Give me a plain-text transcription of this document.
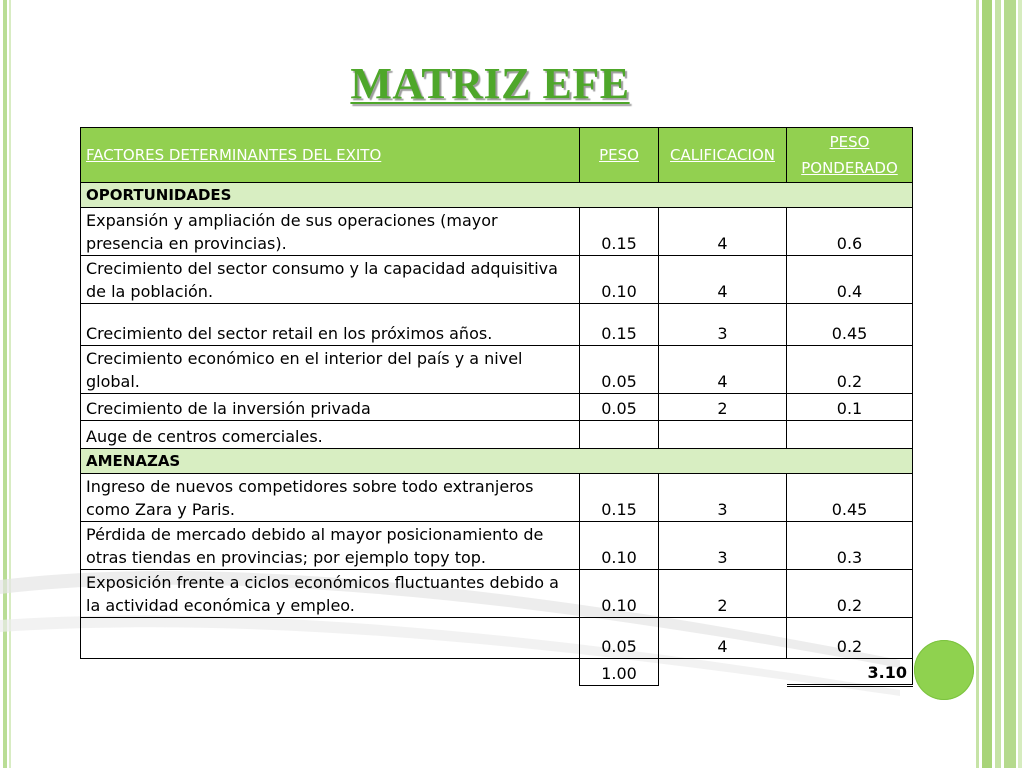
MATRIZ EFE
FACTORES DETERMINANTES DEL EXITO	PESO	CALIFICACION	PESO
PONDERADO
OPORTUNIDADES			
Expansión y ampliación de sus operaciones (mayor
presencia en provincias).	0.15	4	0.6
Crecimiento del sector consumo y la capacidad adquisitiva
de la población.	0.10	4	0.4
Crecimiento del sector retail en los próximos años.	0.15	3	0.45
Crecimiento económico en el interior del país y a nivel
global.	0.05	4	0.2
Crecimiento de la inversión privada	0.05	2	0.1
Auge de centros comerciales.			
AMENAZAS			
Ingreso de nuevos competidores sobre todo extranjeros
como Zara y Paris.	0.15	3	0.45
Pérdida de mercado debido al mayor posicionamiento de
otras tiendas en provincias; por ejemplo topy top.	0.10	3	0.3
Exposición frente a ciclos económicos fluctuantes debido a
la actividad económica y empleo.	0.10	2	0.2
	0.05	4	0.2
	1.00		3.10
